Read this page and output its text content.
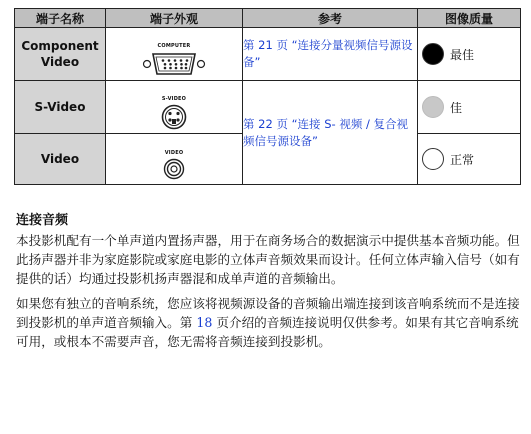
端子名称	端子外观	参考	图像质量

Component
Video	COMPUTER	第 21 页 “连接分量视频信号源设备”	最佳

S-Video	S-VIDEO	第 22 页 “连接 S- 视频 / 复合视频信号源设备”	佳

Video	VIDEO		正常

连接音频

本投影机配有一个单声道内置扬声器，用于在商务场合的数据演示中提供基本音频功能。但此扬声器并非为家庭影院或家庭电影的立体声音频效果而设计。任何立体声输入信号（如有提供的话）均通过投影机扬声器混和成单声道的音频输出。

如果您有独立的音响系统，您应该将视频源设备的音频输出端连接到该音响系统而不是连接到投影机的单声道音频输入。第 18 页介绍的音频连接说明仅供参考。如果有其它音响系统可用，或根本不需要声音，您无需将音频连接到投影机。
